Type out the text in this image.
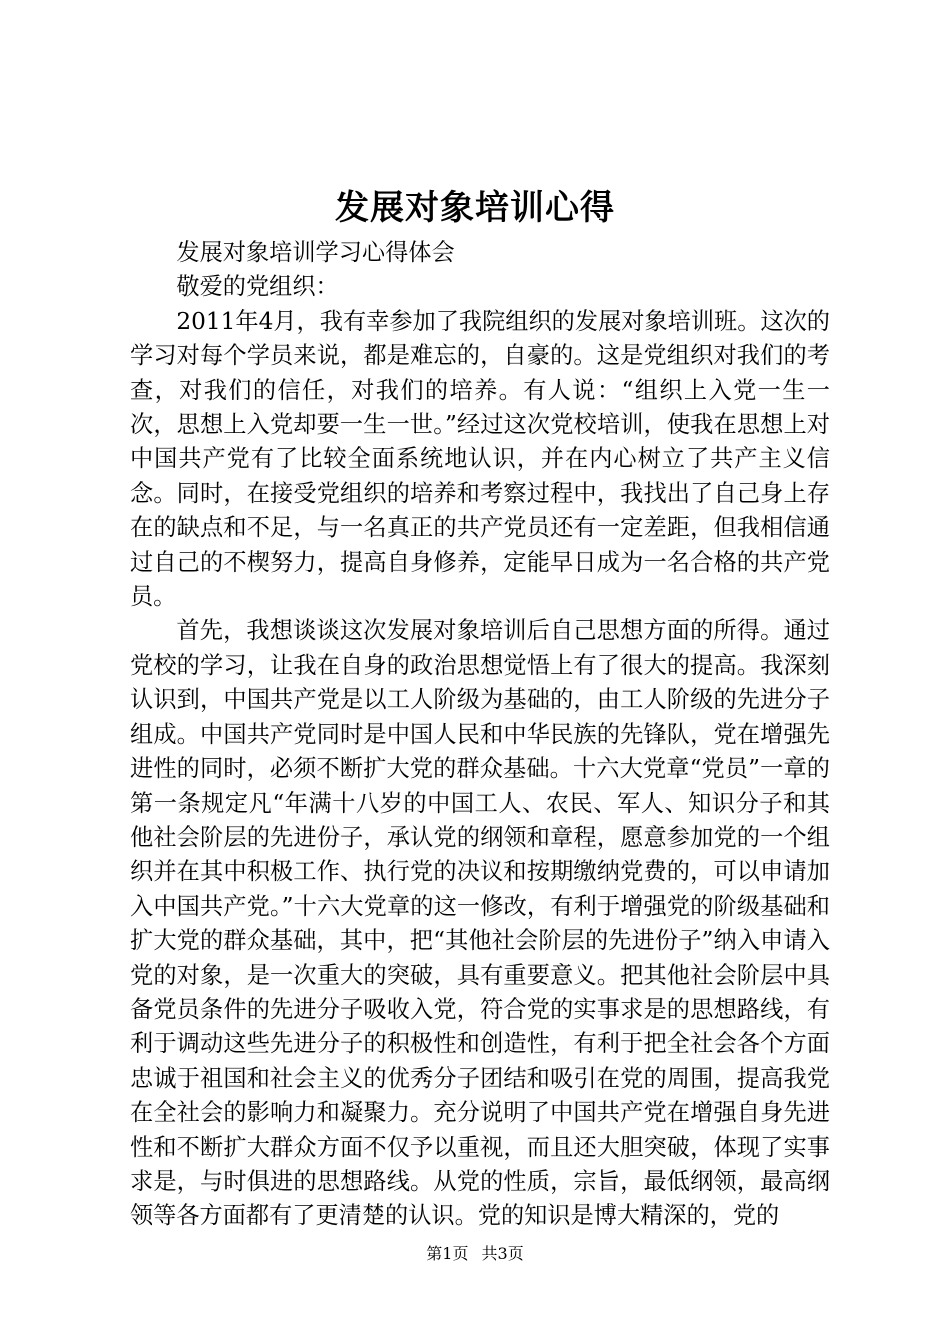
发展对象培训心得

发展对象培训学习心得体会

敬爱的党组织：

2011年4月，我有幸参加了我院组织的发展对象培训班。这次的学习对每个学员来说，都是难忘的，自豪的。这是党组织对我们的考查，对我们的信任，对我们的培养。有人说：“组织上入党一生一次，思想上入党却要一生一世。”经过这次党校培训，使我在思想上对中国共产党有了比较全面系统地认识，并在内心树立了共产主义信念。同时，在接受党组织的培养和考察过程中，我找出了自己身上存在的缺点和不足，与一名真正的共产党员还有一定差距，但我相信通过自己的不楔努力，提高自身修养，定能早日成为一名合格的共产党员。

首先，我想谈谈这次发展对象培训后自己思想方面的所得。通过党校的学习，让我在自身的政治思想觉悟上有了很大的提高。我深刻认识到，中国共产党是以工人阶级为基础的，由工人阶级的先进分子组成。中国共产党同时是中国人民和中华民族的先锋队，党在增强先进性的同时，必须不断扩大党的群众基础。十六大党章“党员”一章的第一条规定凡“年满十八岁的中国工人、农民、军人、知识分子和其他社会阶层的先进份子，承认党的纲领和章程，愿意参加党的一个组织并在其中积极工作、执行党的决议和按期缴纳党费的，可以申请加入中国共产党。”十六大党章的这一修改，有利于增强党的阶级基础和扩大党的群众基础，其中，把“其他社会阶层的先进份子”纳入申请入党的对象，是一次重大的突破，具有重要意义。把其他社会阶层中具备党员条件的先进分子吸收入党，符合党的实事求是的思想路线，有利于调动这些先进分子的积极性和创造性，有利于把全社会各个方面忠诚于祖国和社会主义的优秀分子团结和吸引在党的周围，提高我党在全社会的影响力和凝聚力。充分说明了中国共产党在增强自身先进性和不断扩大群众方面不仅予以重视，而且还大胆突破，体现了实事求是，与时俱进的思想路线。从党的性质，宗旨，最低纲领，最高纲领等各方面都有了更清楚的认识。党的知识是博大精深的，党的

第1页 共3页
